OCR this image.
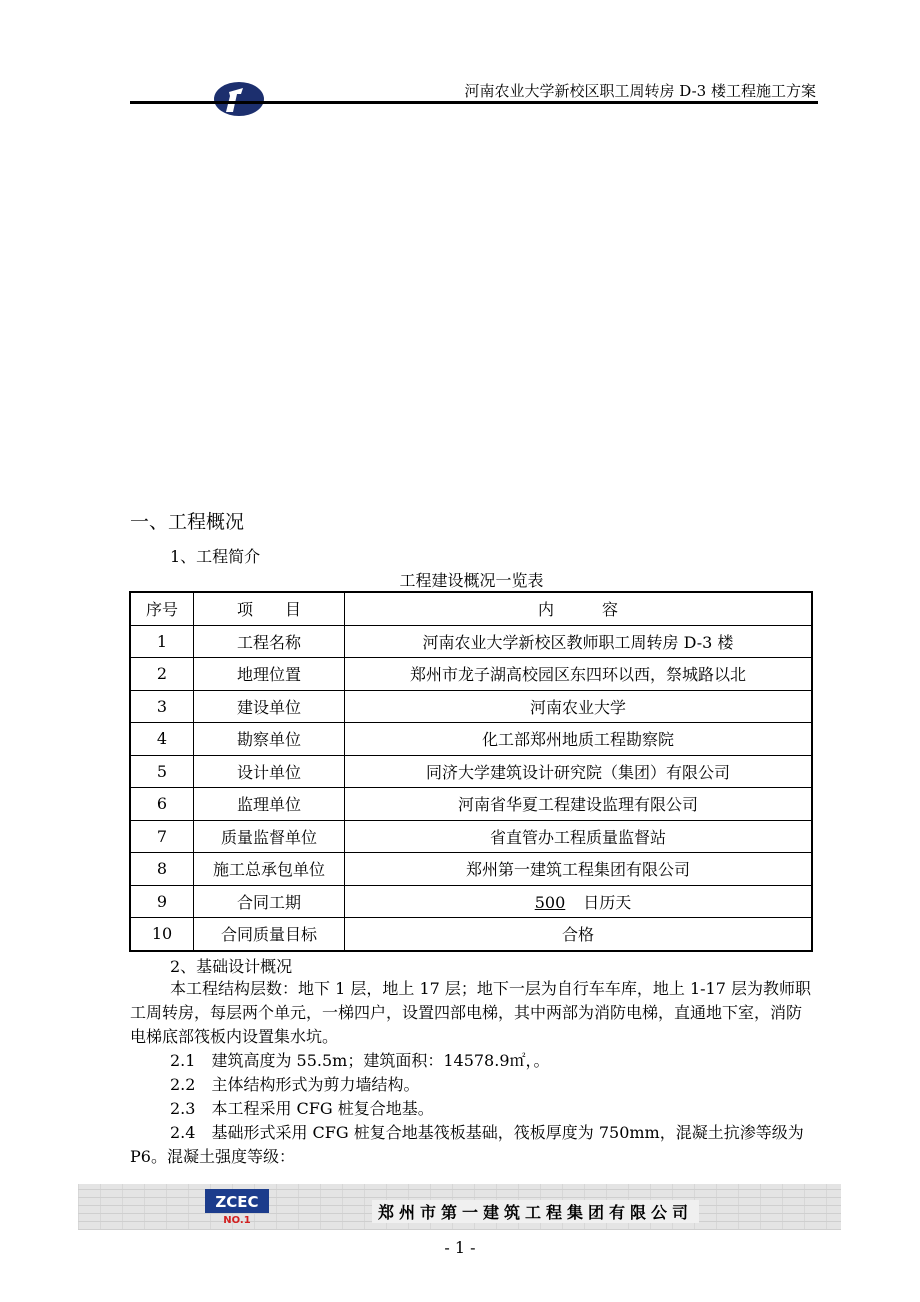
河南农业大学新校区职工周转房 D-3 楼工程施工方案
一、工程概况
1、工程简介
工程建设概况一览表
序号	项　　目	内　　　容
1	工程名称	河南农业大学新校区教师职工周转房 D-3 楼
2	地理位置	郑州市龙子湖高校园区东四环以西，祭城路以北
3	建设单位	河南农业大学
4	勘察单位	化工部郑州地质工程勘察院
5	设计单位	同济大学建筑设计研究院（集团）有限公司
6	监理单位	河南省华夏工程建设监理有限公司
7	质量监督单位	省直管办工程质量监督站
8	施工总承包单位	郑州第一建筑工程集团有限公司
9	合同工期	500 日历天
10	合同质量目标	合格
2、基础设计概况

本工程结构层数：地下 1 层，地上 17 层；地下一层为自行车车库，地上 1-17 层为教师职工周转房，每层两个单元，一梯四户，设置四部电梯，其中两部为消防电梯，直通地下室，消防电梯底部筏板内设置集水坑。

2.1　建筑高度为 55.5m；建筑面积：14578.9㎡，。

2.2　主体结构形式为剪力墙结构。

2.3　本工程采用 CFG 桩复合地基。

2.4　基础形式采用 CFG 桩复合地基筏板基础，筏板厚度为 750mm，混凝土抗渗等级为 P6。混凝土强度等级：

ZCEC
NO.1	郑州市第一建筑工程集团有限公司
- 1 -
